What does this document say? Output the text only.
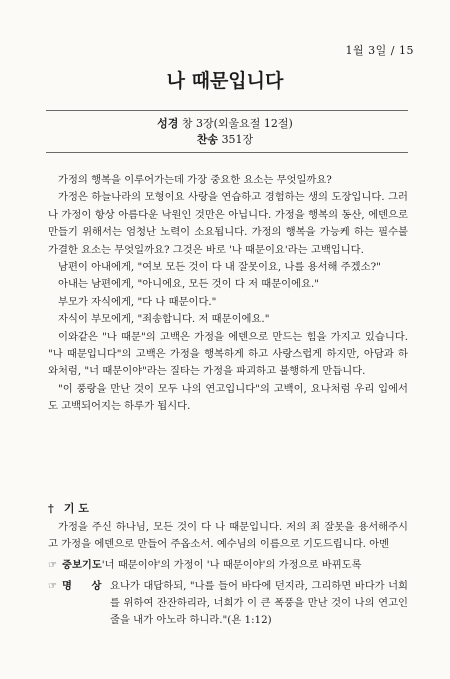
1월 3일 / 15
나 때문입니다
성경 창 3장(외울요절 12절)
찬송 351장

가정의 행복을 이루어가는데 가장 중요한 요소는 무엇일까요?

가정은 하늘나라의 모형이요 사랑을 연습하고 경험하는 생의 도장입니다. 그러나 가정이 항상 아름다운 낙원인 것만은 아닙니다. 가정을 행복의 동산, 에덴으로 만들기 위해서는 엄청난 노력이 소요됩니다. 가정의 행복을 가능케 하는 필수불가결한 요소는 무엇일까요? 그것은 바로 '나 때문이요'라는 고백입니다.

남편이 아내에게, "여보 모든 것이 다 내 잘못이요, 나를 용서해 주겠소?"

아내는 남편에게, "아니에요, 모든 것이 다 저 때문이에요."

부모가 자식에게, "다 나 때문이다."

자식이 부모에게, "죄송합니다. 저 때문이에요."

이와같은 "나 때문"의 고백은 가정을 에덴으로 만드는 힘을 가지고 있습니다. "나 때문입니다"의 고백은 가정을 행복하게 하고 사랑스럽게 하지만, 아담과 하와처럼, "너 때문이야"라는 질타는 가정을 파괴하고 불행하게 만듭니다.

"이 풍랑을 만난 것이 모두 나의 연고입니다"의 고백이, 요나처럼 우리 입에서도 고백되어지는 하루가 됩시다.

† 기 도

가정을 주신 하나님, 모든 것이 다 나 때문입니다. 저의 죄 잘못을 용서해주시고 가정을 에덴으로 만들어 주옵소서. 예수님의 이름으로 기도드립니다. 아멘

☞ 중보기도 '너 때문이야'의 가정이 '나 때문이야'의 가정으로 바뀌도록
☞ 명 상 요나가 대답하되, "나를 들어 바다에 던지라, 그리하면 바다가 너희를 위하여 잔잔하리라, 너희가 이 큰 폭풍을 만난 것이 나의 연고인 줄을 내가 아노라 하니라."(욘 1:12)
